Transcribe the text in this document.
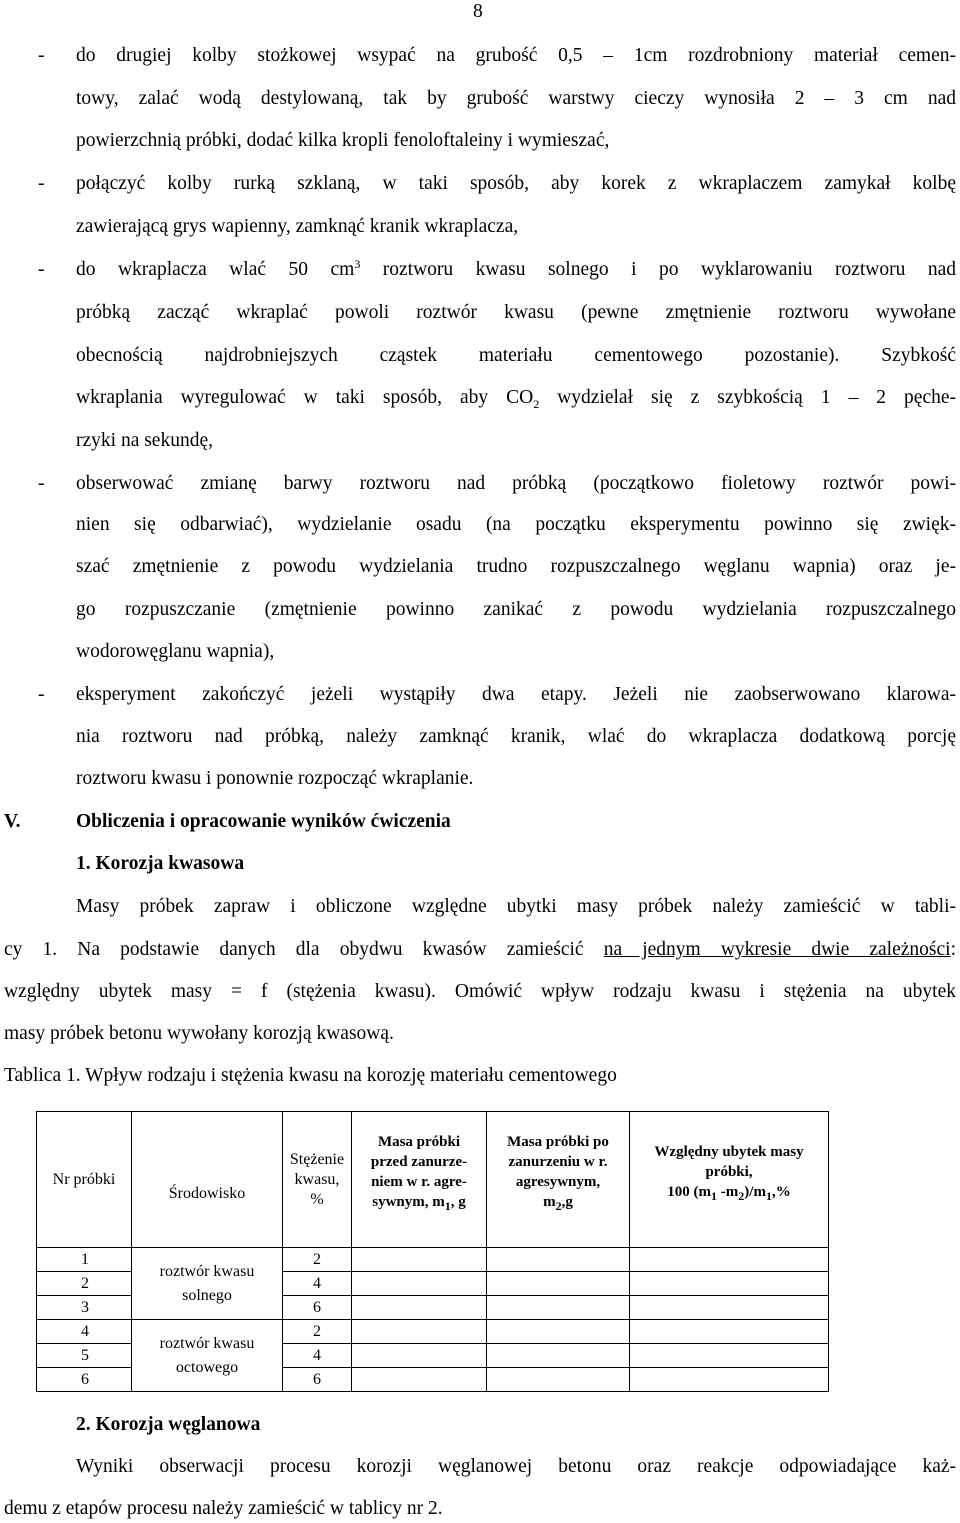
8
- do drugiej kolby stożkowej wsypać na grubość 0,5 – 1cm rozdrobniony materiał cemen-
towy, zalać wodą destylowaną, tak by grubość warstwy cieczy wynosiła 2 – 3 cm nad
powierzchnią próbki, dodać kilka kropli fenoloftaleiny i wymieszać,
- połączyć kolby rurką szklaną, w taki sposób, aby korek z wkraplaczem zamykał kolbę
zawierającą grys wapienny, zamknąć kranik wkraplacza,
- do wkraplacza wlać 50 $cm^3$ roztworu kwasu solnego i po wyklarowaniu roztworu nad
próbką zacząć wkraplać powoli roztwór kwasu (pewne zmętnienie roztworu wywołane
obecnością najdrobniejszych cząstek materiału cementowego pozostanie). Szybkość
wkraplania wyregulować w taki sposób, aby $CO_2$ wydzielał się z szybkością 1 – 2 pęche-
rzyki na sekundę,
- obserwować zmianę barwy roztworu nad próbką (początkowo fioletowy roztwór powi-
nien się odbarwiać), wydzielanie osadu (na początku eksperymentu powinno się zwięk-
szać zmętnienie z powodu wydzielania trudno rozpuszczalnego węglanu wapnia) oraz je-
go rozpuszczanie (zmętnienie powinno zanikać z powodu wydzielania rozpuszczalnego
wodorowęglanu wapnia),
- eksperyment zakończyć jeżeli wystąpiły dwa etapy. Jeżeli nie zaobserwowano klarowa-
nia roztworu nad próbką, należy zamknąć kranik, wlać do wkraplacza dodatkową porcję
roztworu kwasu i ponownie rozpocząć wkraplanie.
V.	Obliczenia i opracowanie wyników ćwiczenia
1. Korozja kwasowa
Masy próbek zapraw i obliczone względne ubytki masy próbek należy zamieścić w tabli-
cy 1. Na podstawie danych dla obydwu kwasów zamieścić na jednym wykresie dwie zależności:
względny ubytek masy = f (stężenia kwasu). Omówić wpływ rodzaju kwasu i stężenia na ubytek
masy próbek betonu wywołany korozją kwasową.
Tablica 1. Wpływ rodzaju i stężenia kwasu na korozję materiału cementowego
Nr próbki	Środowisko	Stężenie
kwasu,
%	Masa próbki
przed zanurze-
niem w r. agre-
sywnym, $m_1$, g	Masa próbki po
zanurzeniu w r.
agresywnym,
$m_2,g$	Względny ubytek masy
próbki,
100 ($m_1$ $-m_2)/m_1,\%$
1	roztwór kwasu
solnego	2			
2		4			
3		6			
4	roztwór kwasu
octowego	2			
5		4			
6		6			
2. Korozja węglanowa
Wyniki obserwacji procesu korozji węglanowej betonu oraz reakcje odpowiadające każ-
demu z etapów procesu należy zamieścić w tablicy nr 2.
